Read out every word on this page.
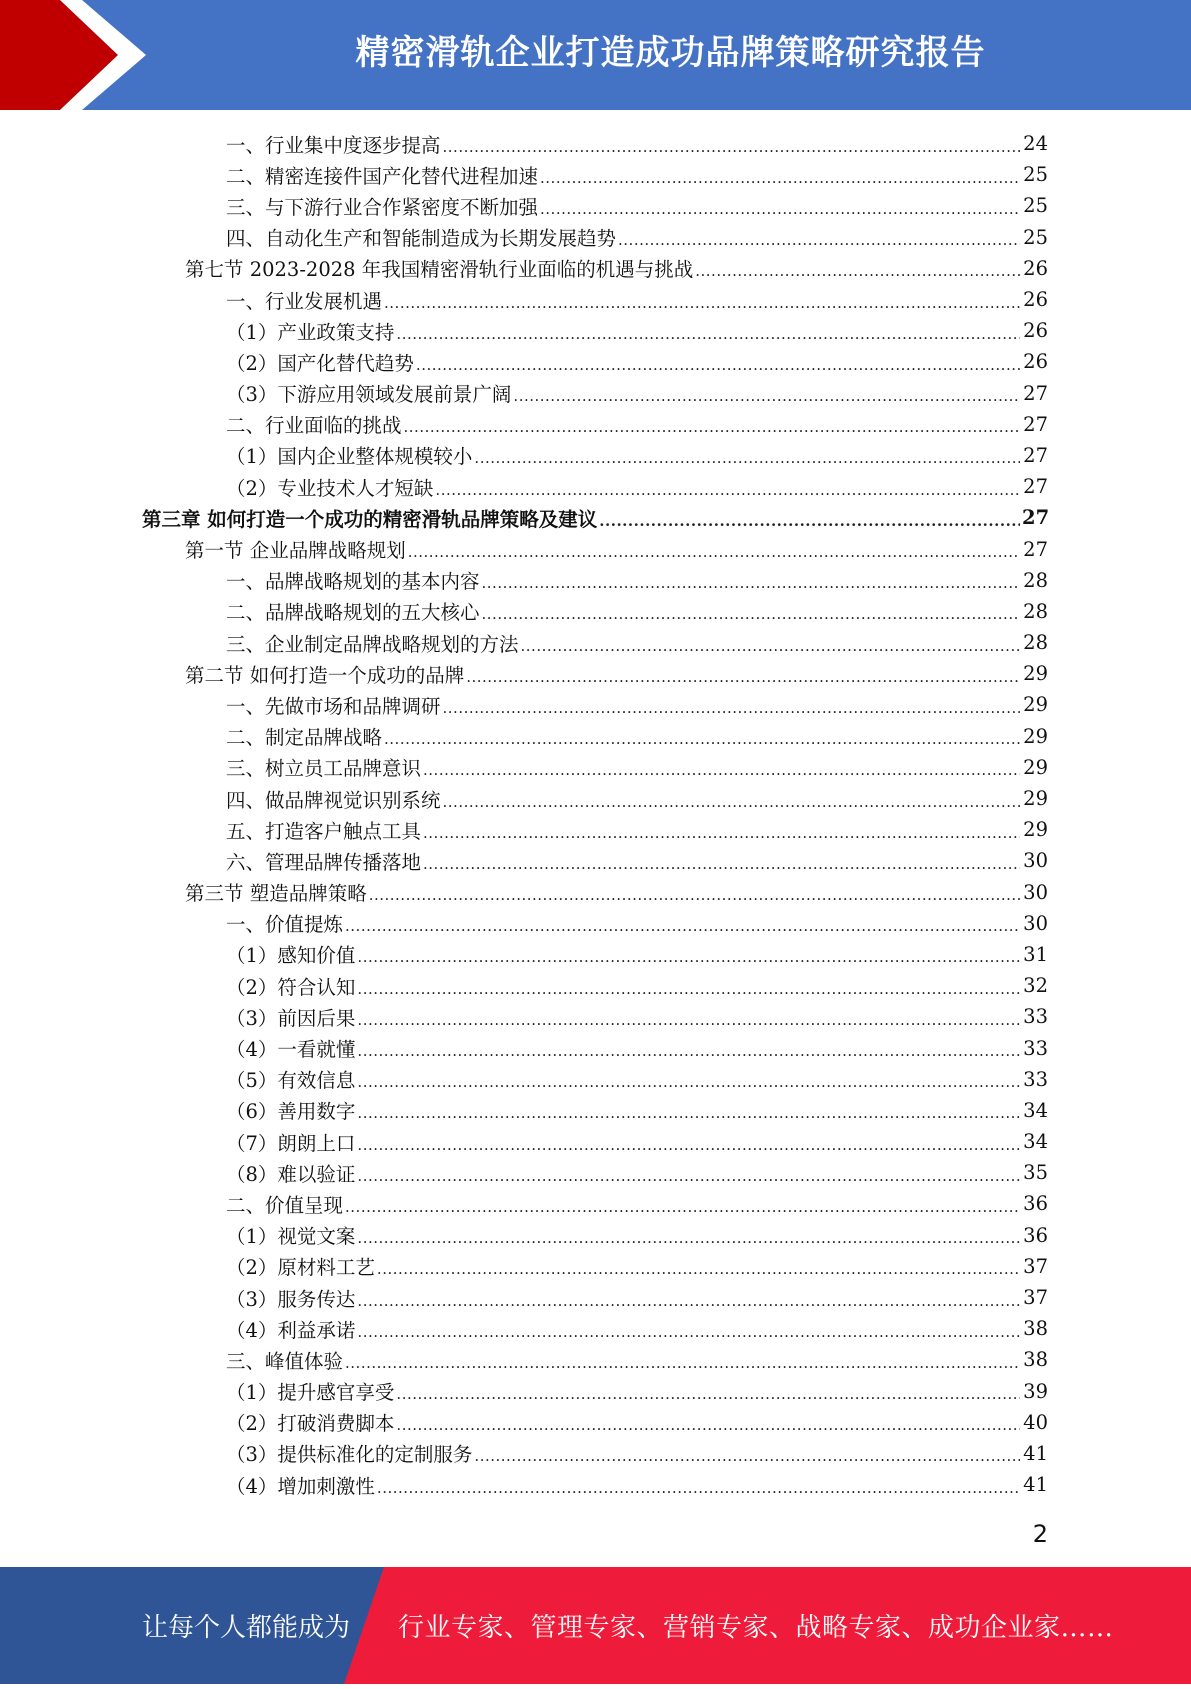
精密滑轨企业打造成功品牌策略研究报告
一、行业集中度逐步提高 .....	24
二、精密连接件国产化替代进程加速 .....	25
三、与下游行业合作紧密度不断加强 .....	25
四、自动化生产和智能制造成为长期发展趋势 .....	25
第七节 2023-2028 年我国精密滑轨行业面临的机遇与挑战 .....	26
一、行业发展机遇 .....	26
（1）产业政策支持 .....	26
（2）国产化替代趋势 .....	26
（3）下游应用领域发展前景广阔 .....	27
二、行业面临的挑战 .....	27
（1）国内企业整体规模较小 .....	27
（2）专业技术人才短缺 .....	27
第三章 如何打造一个成功的精密滑轨品牌策略及建议 .....	27
第一节 企业品牌战略规划 .....	27
一、品牌战略规划的基本内容 .....	28
二、品牌战略规划的五大核心 .....	28
三、企业制定品牌战略规划的方法 .....	28
第二节 如何打造一个成功的品牌 .....	29
一、先做市场和品牌调研 .....	29
二、制定品牌战略 .....	29
三、树立员工品牌意识 .....	29
四、做品牌视觉识别系统 .....	29
五、打造客户触点工具 .....	29
六、管理品牌传播落地 .....	30
第三节 塑造品牌策略 .....	30
一、价值提炼 .....	30
（1）感知价值 .....	31
（2）符合认知 .....	32
（3）前因后果 .....	33
（4）一看就懂 .....	33
（5）有效信息 .....	33
（6）善用数字 .....	34
（7）朗朗上口 .....	34
（8）难以验证 .....	35
二、价值呈现 .....	36
（1）视觉文案 .....	36
（2）原材料工艺 .....	37
（3）服务传达 .....	37
（4）利益承诺 .....	38
三、峰值体验 .....	38
（1）提升感官享受 .....	39
（2）打破消费脚本 .....	40
（3）提供标准化的定制服务 .....	41
（4）增加刺激性 .....	41
2
让每个人都能成为 行业专家、管理专家、营销专家、战略专家、成功企业家……
